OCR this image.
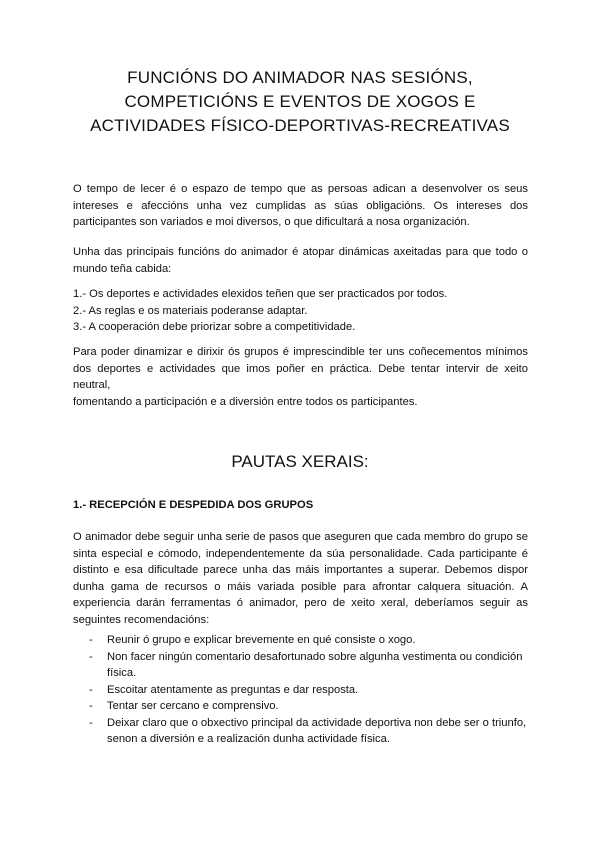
FUNCIÓNS DO ANIMADOR NAS SESIÓNS,
COMPETICIÓNS E EVENTOS DE XOGOS E
ACTIVIDADES FÍSICO-DEPORTIVAS-RECREATIVAS
O tempo de lecer é o espazo de tempo que as persoas adican a desenvolver os seus
intereses e afeccións unha vez cumplidas as súas obligacións. Os intereses dos
participantes son variados e moi diversos, o que dificultará a nosa organización.
Unha das principais funcións do animador é atopar dinámicas axeitadas para que todo o
mundo teña cabida:
1.- Os deportes e actividades elexidos teñen que ser practicados por todos.
2.- As reglas e os materiais poderanse adaptar.
3.- A cooperación debe priorizar sobre a competitividade.
Para poder dinamizar e dirixir ós grupos é imprescindible ter uns coñecementos mínimos
dos deportes e actividades que imos poñer en práctica. Debe tentar intervir de xeito neutral,
fomentando a participación e a diversión entre todos os participantes.
PAUTAS XERAIS:
1.- RECEPCIÓN E DESPEDIDA DOS GRUPOS
O animador debe seguir unha serie de pasos que aseguren que cada membro do grupo se
sinta especial e cómodo, independentemente da súa personalidade. Cada participante é
distinto e esa dificultade parece unha das máis importantes a superar. Debemos dispor
dunha gama de recursos o máis variada posible para afrontar calquera situación. A
experiencia darán ferramentas ó animador, pero de xeito xeral, deberíamos seguir as
seguintes recomendacións:
- Reunir ó grupo e explicar brevemente en qué consiste o xogo.
- Non facer ningún comentario desafortunado sobre algunha vestimenta ou condición física.
- Escoitar atentamente as preguntas e dar resposta.
- Tentar ser cercano e comprensivo.
- Deixar claro que o obxectivo principal da actividade deportiva non debe ser o triunfo, senon a diversión e a realización dunha actividade física.
